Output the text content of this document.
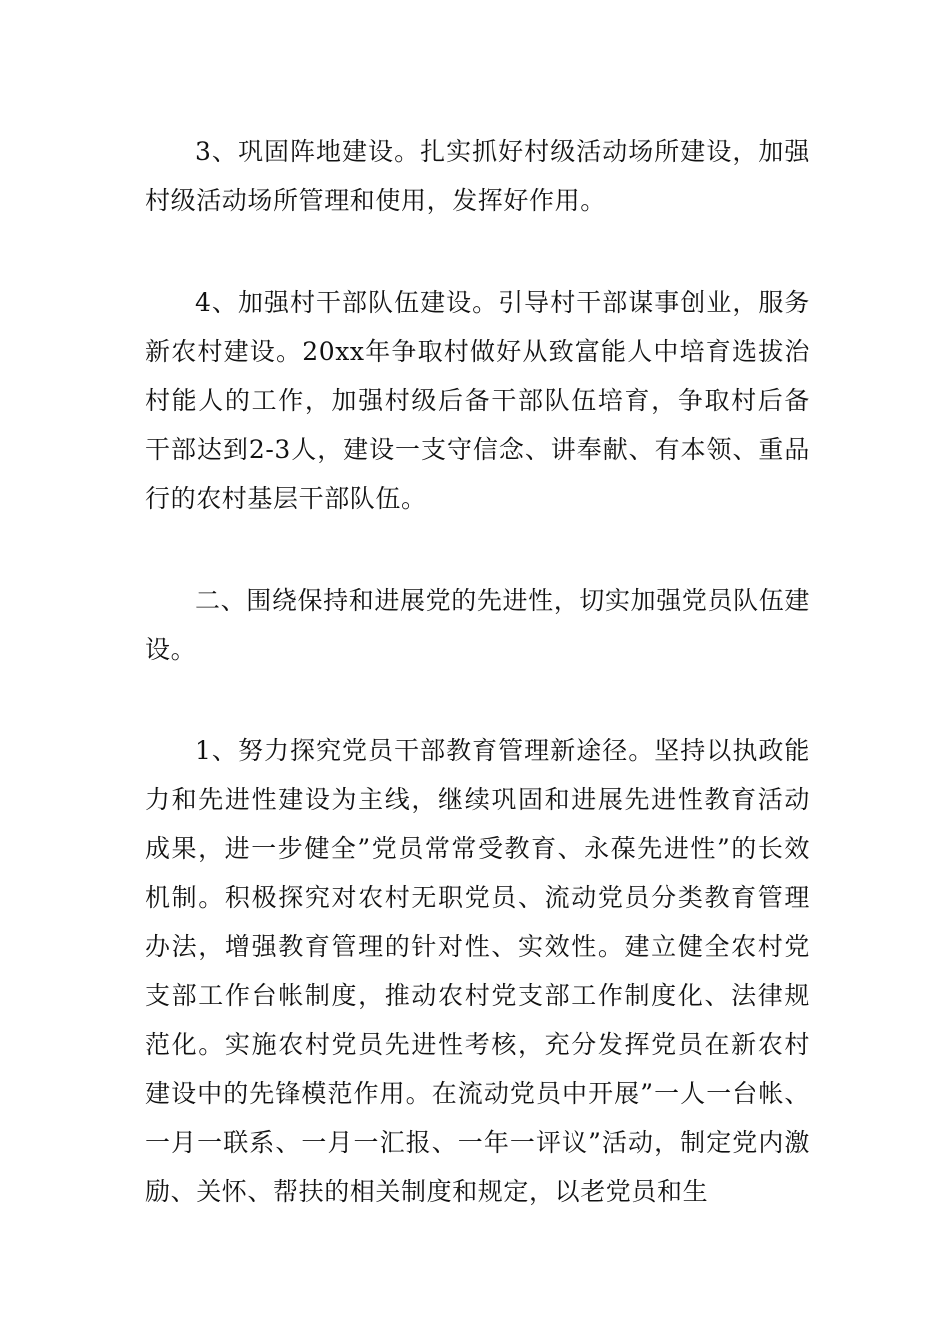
3、巩固阵地建设。扎实抓好村级活动场所建设，加强村级活动场所管理和使用，发挥好作用。

4、加强村干部队伍建设。引导村干部谋事创业，服务新农村建设。20xx年争取村做好从致富能人中培育选拔治村能人的工作，加强村级后备干部队伍培育，争取村后备干部达到2-3人，建设一支守信念、讲奉献、有本领、重品行的农村基层干部队伍。

二、围绕保持和进展党的先进性，切实加强党员队伍建设。

1、努力探究党员干部教育管理新途径。坚持以执政能力和先进性建设为主线，继续巩固和进展先进性教育活动成果，进一步健全”党员常常受教育、永葆先进性”的长效机制。积极探究对农村无职党员、流动党员分类教育管理办法，增强教育管理的针对性、实效性。建立健全农村党支部工作台帐制度，推动农村党支部工作制度化、法律规范化。实施农村党员先进性考核，充分发挥党员在新农村建设中的先锋模范作用。在流动党员中开展”一人一台帐、一月一联系、一月一汇报、一年一评议”活动，制定党内激励、关怀、帮扶的相关制度和规定，以老党员和生
